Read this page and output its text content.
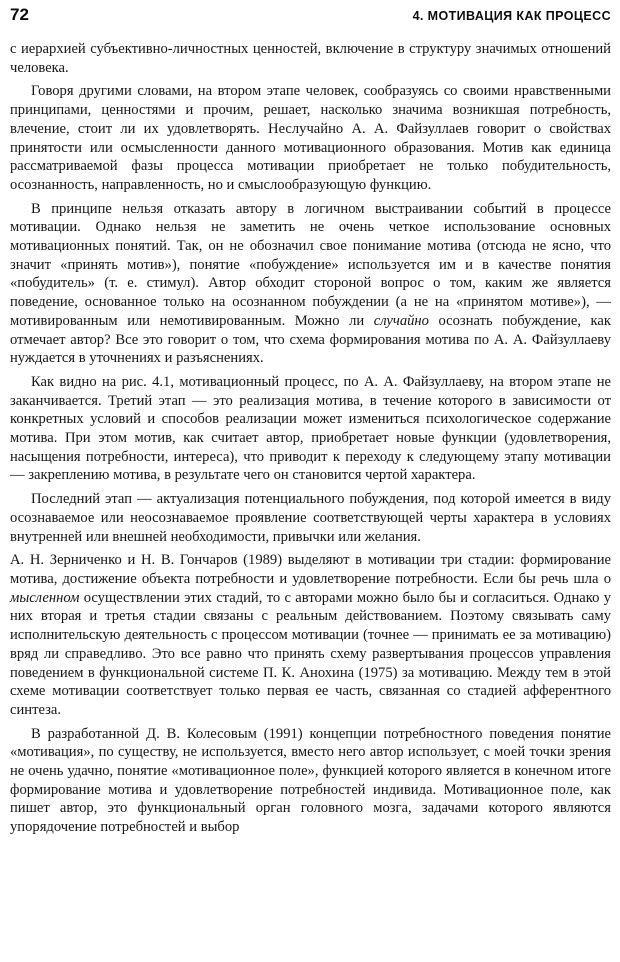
72	4. МОТИВАЦИЯ КАК ПРОЦЕСС

с иерархией субъективно-личностных ценностей, включение в структуру значимых отношений человека.

Говоря другими словами, на втором этапе человек, сообразуясь со своими нравственными принципами, ценностями и прочим, решает, насколько значима возникшая потребность, влечение, стоит ли их удовлетворять. Неслучайно А. А. Файзуллаев говорит о свойствах принятости или осмысленности данного мотивационного образования. Мотив как единица рассматриваемой фазы процесса мотивации приобретает не только побудительность, осознанность, направленность, но и смыслообразующую функцию.

В принципе нельзя отказать автору в логичном выстраивании событий в процессе мотивации. Однако нельзя не заметить не очень четкое использование основных мотивационных понятий. Так, он не обозначил свое понимание мотива (отсюда не ясно, что значит «принять мотив»), понятие «побуждение» используется им и в качестве понятия «побудитель» (т. е. стимул). Автор обходит стороной вопрос о том, каким же является поведение, основанное только на осознанном побуждении (а не на «принятом мотиве»), — мотивированным или немотивированным. Можно ли случайно осознать побуждение, как отмечает автор? Все это говорит о том, что схема формирования мотива по А. А. Файзуллаеву нуждается в уточнениях и разъяснениях.

Как видно на рис. 4.1, мотивационный процесс, по А. А. Файзуллаеву, на втором этапе не заканчивается. Третий этап — это реализация мотива, в течение которого в зависимости от конкретных условий и способов реализации может измениться психологическое содержание мотива. При этом мотив, как считает автор, приобретает новые функции (удовлетворения, насыщения потребности, интереса), что приводит к переходу к следующему этапу мотивации — закреплению мотива, в результате чего он становится чертой характера.

Последний этап — актуализация потенциального побуждения, под которой имеется в виду осознаваемое или неосознаваемое проявление соответствующей черты характера в условиях внутренней или внешней необходимости, привычки или желания.

А. Н. Зерниченко и Н. В. Гончаров (1989) выделяют в мотивации три стадии: формирование мотива, достижение объекта потребности и удовлетворение потребности. Если бы речь шла о мысленном осуществлении этих стадий, то с авторами можно было бы и согласиться. Однако у них вторая и третья стадии связаны с реальным действованием. Поэтому связывать саму исполнительскую деятельность с процессом мотивации (точнее — принимать ее за мотивацию) вряд ли справедливо. Это все равно что принять схему развертывания процессов управления поведением в функциональной системе П. К. Анохина (1975) за мотивацию. Между тем в этой схеме мотивации соответствует только первая ее часть, связанная со стадией афферентного синтеза.

В разработанной Д. В. Колесовым (1991) концепции потребностного поведения понятие «мотивация», по существу, не используется, вместо него автор использует, с моей точки зрения не очень удачно, понятие «мотивационное поле», функцией которого является в конечном итоге формирование мотива и удовлетворение потребностей индивида. Мотивационное поле, как пишет автор, это функциональный орган головного мозга, задачами которого являются упорядочение потребностей и выбор
